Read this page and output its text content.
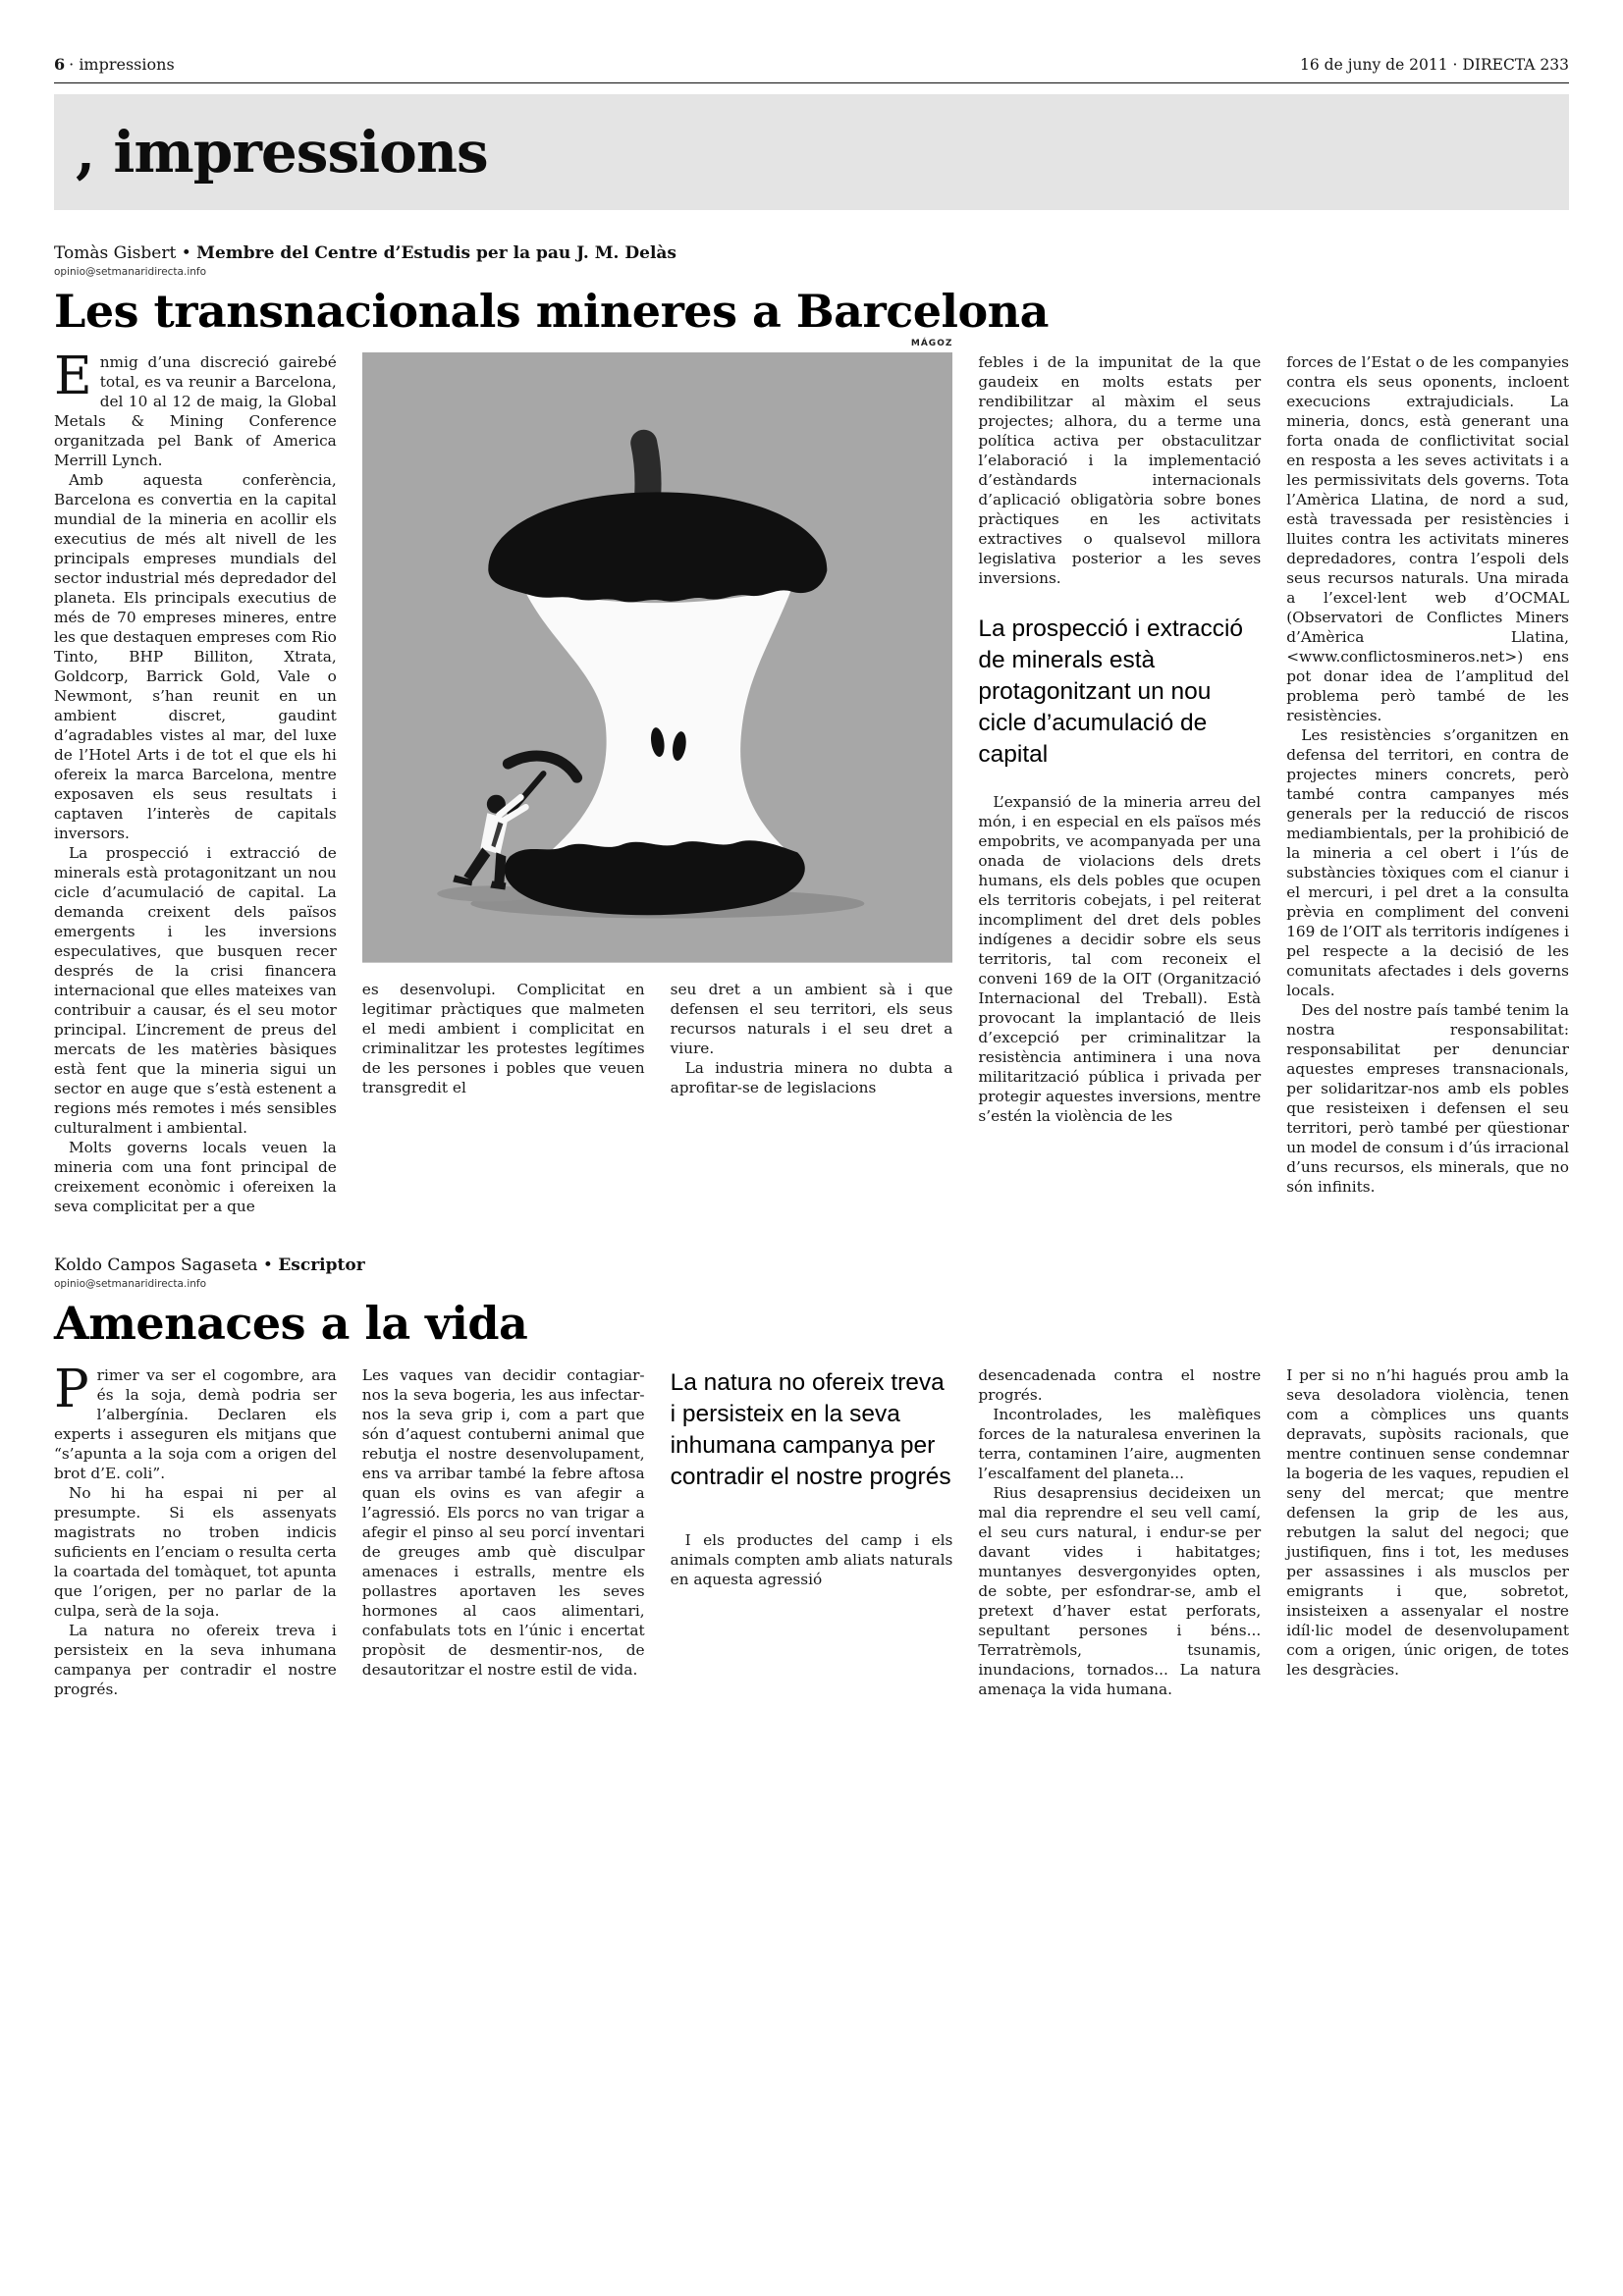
6 · impressions	16 de juny de 2011 · DIRECTA 233
, impressions
Tomàs Gisbert • Membre del Centre d’Estudis per la pau J. M. Delàs
opinio@setmanaridirecta.info
Les transnacionals mineres a Barcelona

Enmig d’una discreció gairebé total, es va reunir a Barcelona, del 10 al 12 de maig, la Global Metals & Mining Conference organitzada pel Bank of America Merrill Lynch.

Amb aquesta conferència, Barcelona es convertia en la capital mundial de la mineria en acollir els executius de més alt nivell de les principals empreses mundials del sector industrial més depredador del planeta. Els principals executius de més de 70 empreses mineres, entre les que destaquen empreses com Rio Tinto, BHP Billiton, Xtrata, Goldcorp, Barrick Gold, Vale o Newmont, s’han reunit en un ambient discret, gaudint d’agradables vistes al mar, del luxe de l’Hotel Arts i de tot el que els hi ofereix la marca Barcelona, mentre exposaven els seus resultats i captaven l’interès de capitals inversors.

La prospecció i extracció de minerals està protagonitzant un nou cicle d’acumulació de capital. La demanda creixent dels països emergents i les inversions especulatives, que busquen recer després de la crisi financera internacional que elles mateixes van contribuir a causar, és el seu motor principal. L’increment de preus del mercats de les matèries bàsiques està fent que la mineria sigui un sector en auge que s’està estenent a regions més remotes i més sensibles culturalment i ambiental.

Molts governs locals veuen la mineria com una font principal de creixement econòmic i ofereixen la seva complicitat per a que

MÁGOZ

es desenvolupi. Complicitat en legitimar pràctiques que malmeten el medi ambient i complicitat en criminalitzar les protestes legítimes de les persones i pobles que veuen transgredit el

seu dret a un ambient sà i que defensen el seu territori, els seus recursos naturals i el seu dret a viure.

La industria minera no dubta a aprofitar-se de legislacions

febles i de la impunitat de la que gaudeix en molts estats per rendibilitzar al màxim el seus projectes; alhora, du a terme una política activa per obstaculitzar l’elaboració i la implementació d’estàndards internacionals d’aplicació obligatòria sobre bones pràctiques en les activitats extractives o qualsevol millora legislativa posterior a les seves inversions.

La prospecció i extracció de minerals està protagonitzant un nou cicle d’acumulació de capital

L’expansió de la mineria arreu del món, i en especial en els països més empobrits, ve acompanyada per una onada de violacions dels drets humans, els dels pobles que ocupen els territoris cobejats, i pel reiterat incompliment del dret dels pobles indígenes a decidir sobre els seus territoris, tal com reconeix el conveni 169 de la OIT (Organització Internacional del Treball). Està provocant la implantació de lleis d’excepció per criminalitzar la resistència antiminera i una nova militarització pública i privada per protegir aquestes inversions, mentre s’estén la violència de les

forces de l’Estat o de les companyies contra els seus oponents, incloent execucions extrajudicials. La mineria, doncs, està generant una forta onada de conflictivitat social en resposta a les seves activitats i a les permissivitats dels governs. Tota l’Amèrica Llatina, de nord a sud, està travessada per resistències i lluites contra les activitats mineres depredadores, contra l’espoli dels seus recursos naturals. Una mirada a l’excel·lent web d’OCMAL (Observatori de Conflictes Miners d’Amèrica Llatina, <www.conflictosmineros.net>) ens pot donar idea de l’amplitud del problema però també de les resistències.

Les resistències s’organitzen en defensa del territori, en contra de projectes miners concrets, però també contra campanyes més generals per la reducció de riscos mediambientals, per la prohibició de la mineria a cel obert i l’ús de substàncies tòxiques com el cianur i el mercuri, i pel dret a la consulta prèvia en compliment del conveni 169 de l’OIT als territoris indígenes i pel respecte a la decisió de les comunitats afectades i dels governs locals.

Des del nostre país també tenim la nostra responsabilitat: responsabilitat per denunciar aquestes empreses transnacionals, per solidaritzar-nos amb els pobles que resisteixen i defensen el seu territori, però també per qüestionar un model de consum i d’ús irracional d’uns recursos, els minerals, que no són infinits.

Koldo Campos Sagaseta • Escriptor
opinio@setmanaridirecta.info
Amenaces a la vida

Primer va ser el cogombre, ara és la soja, demà podria ser l’albergínia. Declaren els experts i asseguren els mitjans que “s’apunta a la soja com a origen del brot d’E. coli”.

No hi ha espai ni per al presumpte. Si els assenyats magistrats no troben indicis suficients en l’enciam o resulta certa la coartada del tomàquet, tot apunta que l’origen, per no parlar de la culpa, serà de la soja.

La natura no ofereix treva i persisteix en la seva inhumana campanya per contradir el nostre progrés.

Les vaques van decidir contagiar-nos la seva bogeria, les aus infectar-nos la seva grip i, com a part que són d’aquest contuberni animal que rebutja el nostre desenvolupament, ens va arribar també la febre aftosa quan els ovins es van afegir a l’agressió. Els porcs no van trigar a afegir el pinso al seu porcí inventari de greuges amb què disculpar amenaces i estralls, mentre els pollastres aportaven les seves hormones al caos alimentari, confabulats tots en l’únic i encertat propòsit de desmentir-nos, de desautoritzar el nostre estil de vida.

La natura no ofereix treva i persisteix en la seva inhumana campanya per contradir el nostre progrés

I els productes del camp i els animals compten amb aliats naturals en aquesta agressió

desencadenada contra el nostre progrés.

Incontrolades, les malèfiques forces de la naturalesa enverinen la terra, contaminen l’aire, augmenten l’escalfament del planeta...

Rius desaprensius decideixen un mal dia reprendre el seu vell camí, el seu curs natural, i endur-se per davant vides i habitatges; muntanyes desvergonyides opten, de sobte, per esfondrar-se, amb el pretext d’haver estat perforats, sepultant persones i béns... Terratrèmols, tsunamis, inundacions, tornados... La natura amenaça la vida humana.

I per si no n’hi hagués prou amb la seva desoladora violència, tenen com a còmplices uns quants depravats, supòsits racionals, que mentre continuen sense condemnar la bogeria de les vaques, repudien el seny del mercat; que mentre defensen la grip de les aus, rebutgen la salut del negoci; que justifiquen, fins i tot, les meduses per assassines i als musclos per emigrants i que, sobretot, insisteixen a assenyalar el nostre idíl·lic model de desenvolupament com a origen, únic origen, de totes les desgràcies.
